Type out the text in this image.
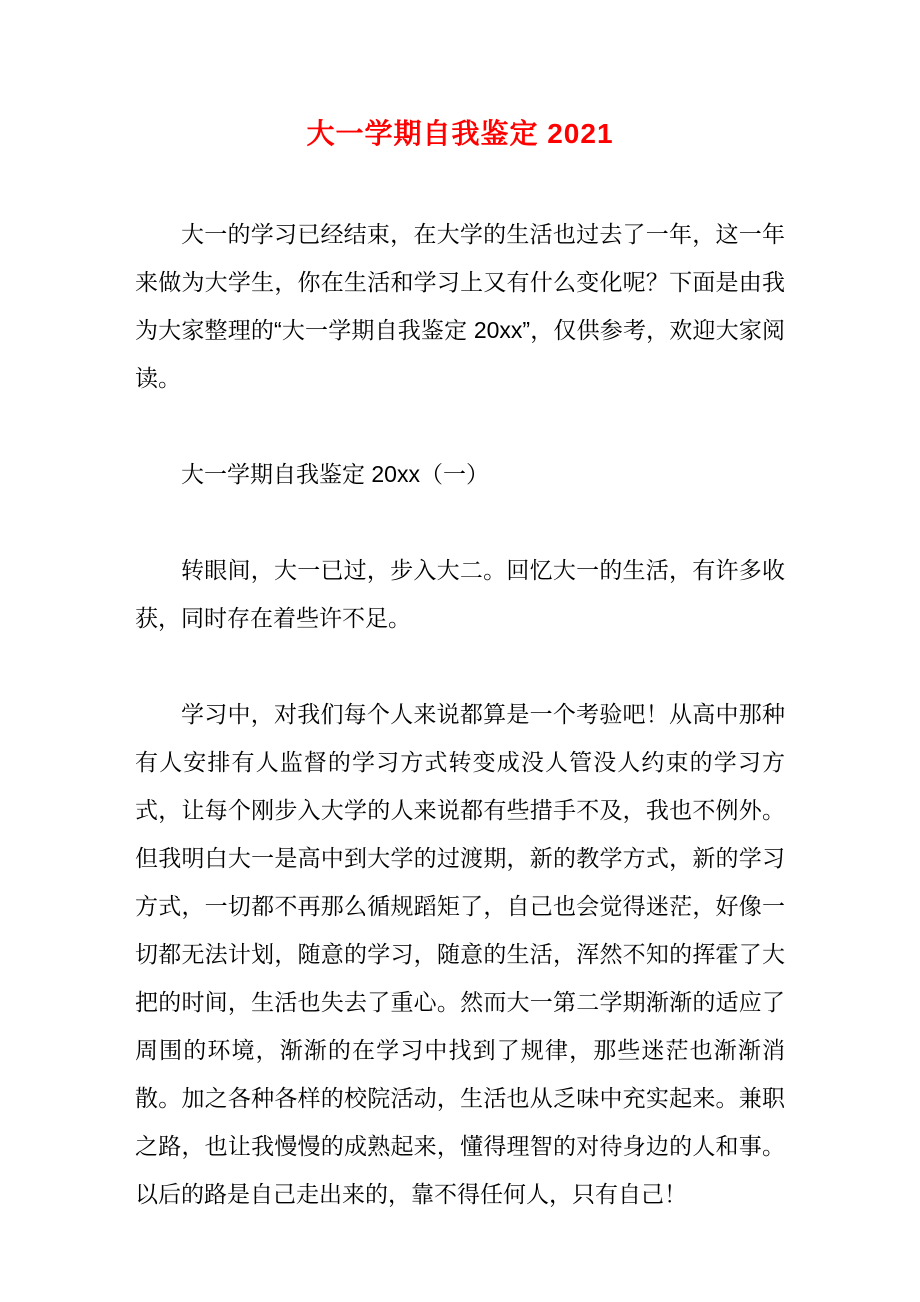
大一学期自我鉴定 2021

大一的学习已经结束，在大学的生活也过去了一年，这一年来做为大学生，你在生活和学习上又有什么变化呢？下面是由我为大家整理的“大一学期自我鉴定 20xx”，仅供参考，欢迎大家阅读。

大一学期自我鉴定 20xx（一）

转眼间，大一已过，步入大二。回忆大一的生活，有许多收获，同时存在着些许不足。

学习中，对我们每个人来说都算是一个考验吧！从高中那种有人安排有人监督的学习方式转变成没人管没人约束的学习方式，让每个刚步入大学的人来说都有些措手不及，我也不例外。但我明白大一是高中到大学的过渡期，新的教学方式，新的学习方式，一切都不再那么循规蹈矩了，自己也会觉得迷茫，好像一切都无法计划，随意的学习，随意的生活，浑然不知的挥霍了大把的时间，生活也失去了重心。然而大一第二学期渐渐的适应了周围的环境，渐渐的在学习中找到了规律，那些迷茫也渐渐消散。加之各种各样的校院活动，生活也从乏味中充实起来。兼职之路，也让我慢慢的成熟起来，懂得理智的对待身边的人和事。以后的路是自己走出来的，靠不得任何人，只有自己！
